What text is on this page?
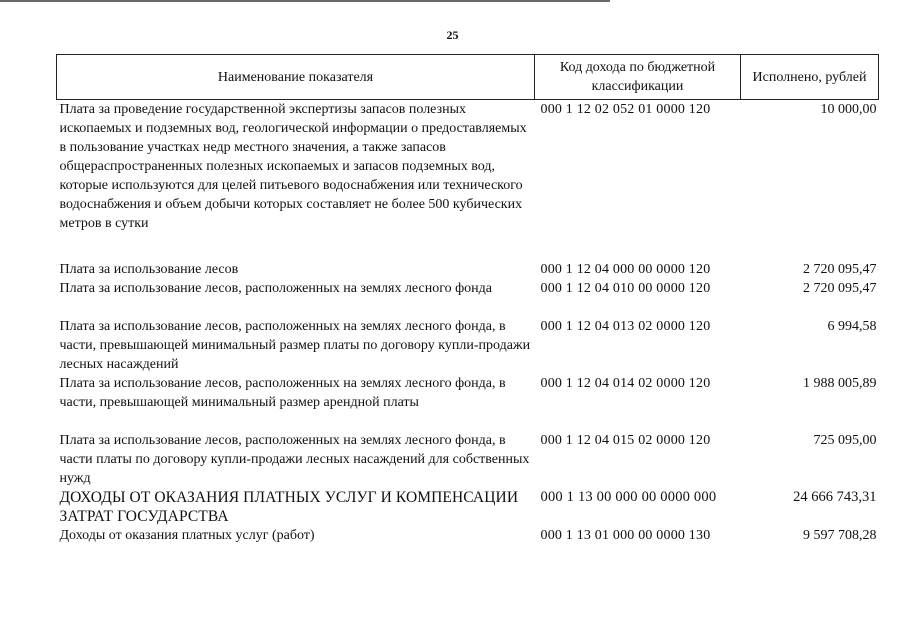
25
Наименование показателя	Код дохода по бюджетной классификации	Исполнено, рублей
Плата за проведение государственной экспертизы запасов полезных ископаемых и подземных вод, геологической информации о предоставляемых в пользование участках недр местного значения, а также запасов общераспространенных полезных ископаемых и запасов подземных вод, которые используются для целей питьевого водоснабжения или технического водоснабжения и объем добычи которых составляет не более 500 кубических метров в сутки	000 1 12 02 052 01 0000 120	10 000,00
Плата за использование лесов	000 1 12 04 000 00 0000 120	2 720 095,47
Плата за использование лесов, расположенных на землях лесного фонда	000 1 12 04 010 00 0000 120	2 720 095,47
Плата за использование лесов, расположенных на землях лесного фонда, в части, превышающей минимальный размер платы по договору купли-продажи лесных насаждений	000 1 12 04 013 02 0000 120	6 994,58
Плата за использование лесов, расположенных на землях лесного фонда, в части, превышающей минимальный размер арендной платы	000 1 12 04 014 02 0000 120	1 988 005,89
Плата за использование лесов, расположенных на землях лесного фонда, в части платы по договору купли-продажи лесных насаждений для собственных нужд	000 1 12 04 015 02 0000 120	725 095,00
ДОХОДЫ ОТ ОКАЗАНИЯ ПЛАТНЫХ УСЛУГ И КОМПЕНСАЦИИ ЗАТРАТ ГОСУДАРСТВА	000 1 13 00 000 00 0000 000	24 666 743,31
Доходы от оказания платных услуг (работ)	000 1 13 01 000 00 0000 130	9 597 708,28
